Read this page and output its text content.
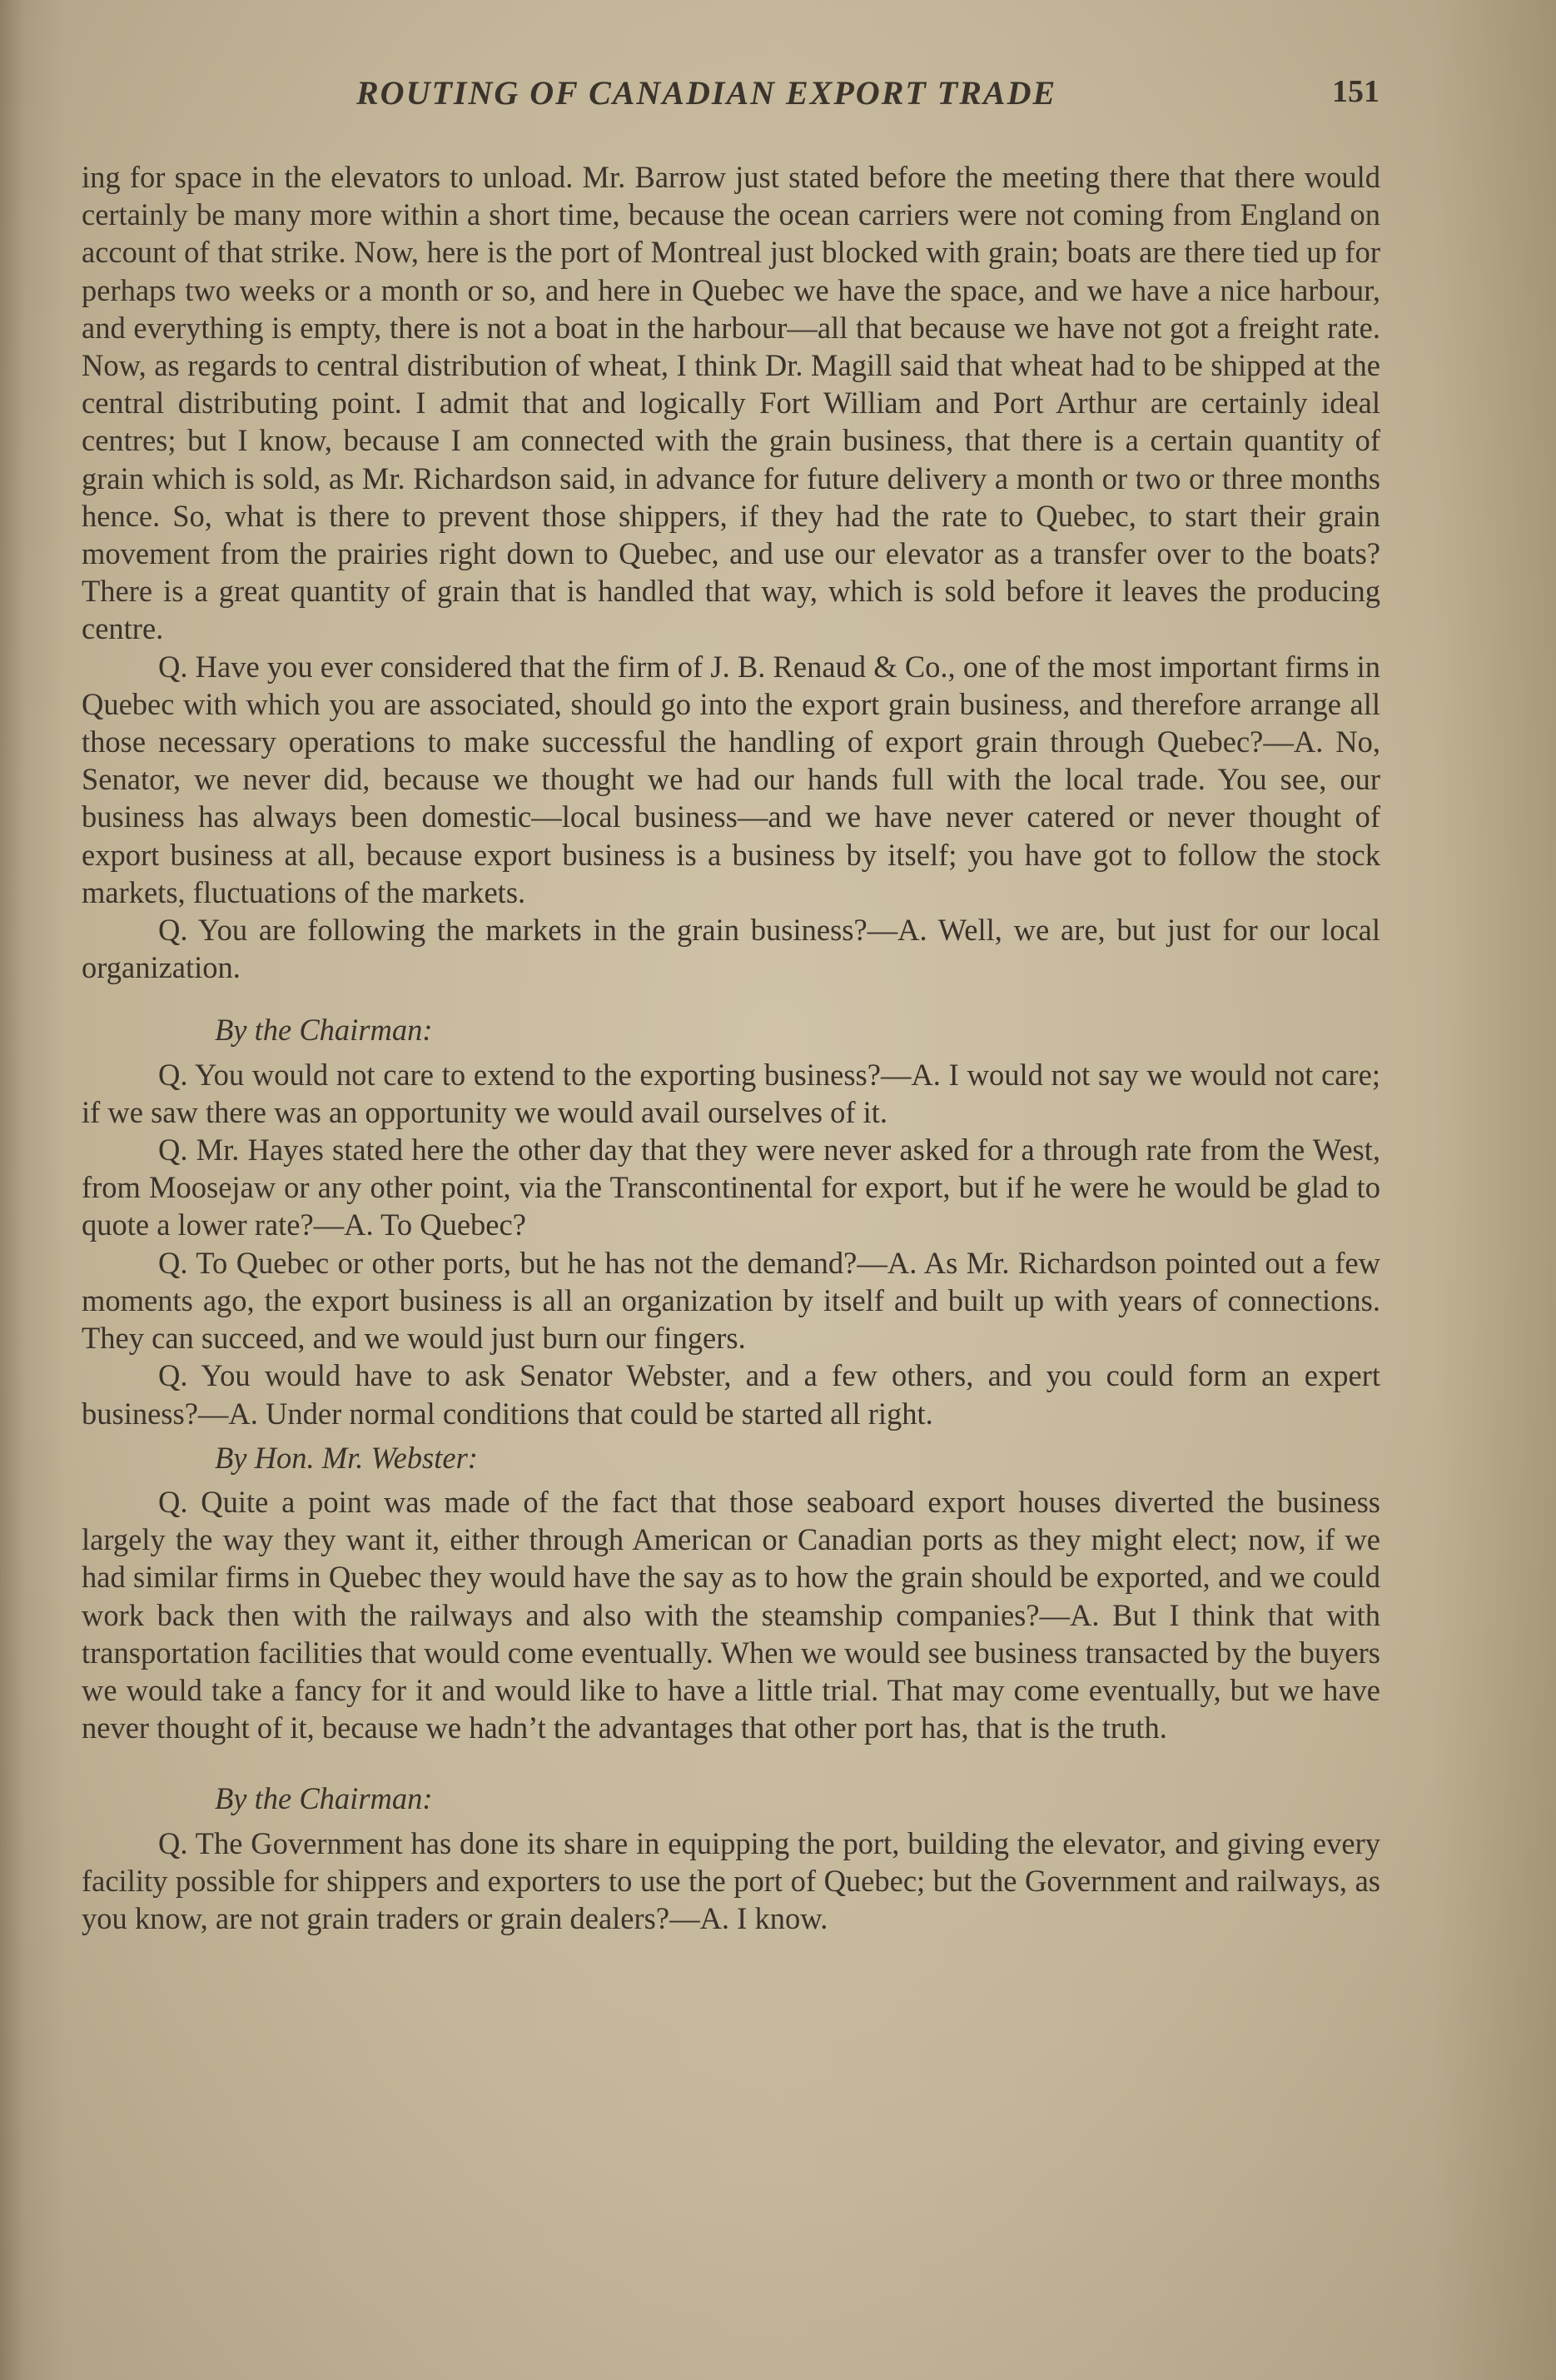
ROUTING OF CANADIAN EXPORT TRADE	151

ing for space in the elevators to unload. Mr. Barrow just stated before the meeting there that there would certainly be many more within a short time, because the ocean carriers were not coming from England on account of that strike. Now, here is the port of Montreal just blocked with grain; boats are there tied up for perhaps two weeks or a month or so, and here in Quebec we have the space, and we have a nice harbour, and everything is empty, there is not a boat in the harbour—all that because we have not got a freight rate. Now, as regards to central distribution of wheat, I think Dr. Magill said that wheat had to be shipped at the central distributing point. I admit that and logically Fort William and Port Arthur are certainly ideal centres; but I know, because I am connected with the grain business, that there is a certain quantity of grain which is sold, as Mr. Richardson said, in advance for future delivery a month or two or three months hence. So, what is there to prevent those shippers, if they had the rate to Quebec, to start their grain movement from the prairies right down to Quebec, and use our elevator as a transfer over to the boats? There is a great quantity of grain that is handled that way, which is sold before it leaves the producing centre.

Q. Have you ever considered that the firm of J. B. Renaud & Co., one of the most important firms in Quebec with which you are associated, should go into the export grain business, and therefore arrange all those necessary operations to make successful the handling of export grain through Quebec?—A. No, Senator, we never did, because we thought we had our hands full with the local trade. You see, our business has always been domestic—local business—and we have never catered or never thought of export business at all, because export business is a business by itself; you have got to follow the stock markets, fluctuations of the markets.

Q. You are following the markets in the grain business?—A. Well, we are, but just for our local organization.

By the Chairman:

Q. You would not care to extend to the exporting business?—A. I would not say we would not care; if we saw there was an opportunity we would avail ourselves of it.

Q. Mr. Hayes stated here the other day that they were never asked for a through rate from the West, from Moosejaw or any other point, via the Transcontinental for export, but if he were he would be glad to quote a lower rate?—A. To Quebec?

Q. To Quebec or other ports, but he has not the demand?—A. As Mr. Richardson pointed out a few moments ago, the export business is all an organization by itself and built up with years of connections. They can succeed, and we would just burn our fingers.

Q. You would have to ask Senator Webster, and a few others, and you could form an expert business?—A. Under normal conditions that could be started all right.

By Hon. Mr. Webster:

Q. Quite a point was made of the fact that those seaboard export houses diverted the business largely the way they want it, either through American or Canadian ports as they might elect; now, if we had similar firms in Quebec they would have the say as to how the grain should be exported, and we could work back then with the railways and also with the steamship companies?—A. But I think that with transportation facilities that would come eventually. When we would see business transacted by the buyers we would take a fancy for it and would like to have a little trial. That may come eventually, but we have never thought of it, because we hadn’t the advantages that other port has, that is the truth.

By the Chairman:

Q. The Government has done its share in equipping the port, building the elevator, and giving every facility possible for shippers and exporters to use the port of Quebec; but the Government and railways, as you know, are not grain traders or grain dealers?—A. I know.
